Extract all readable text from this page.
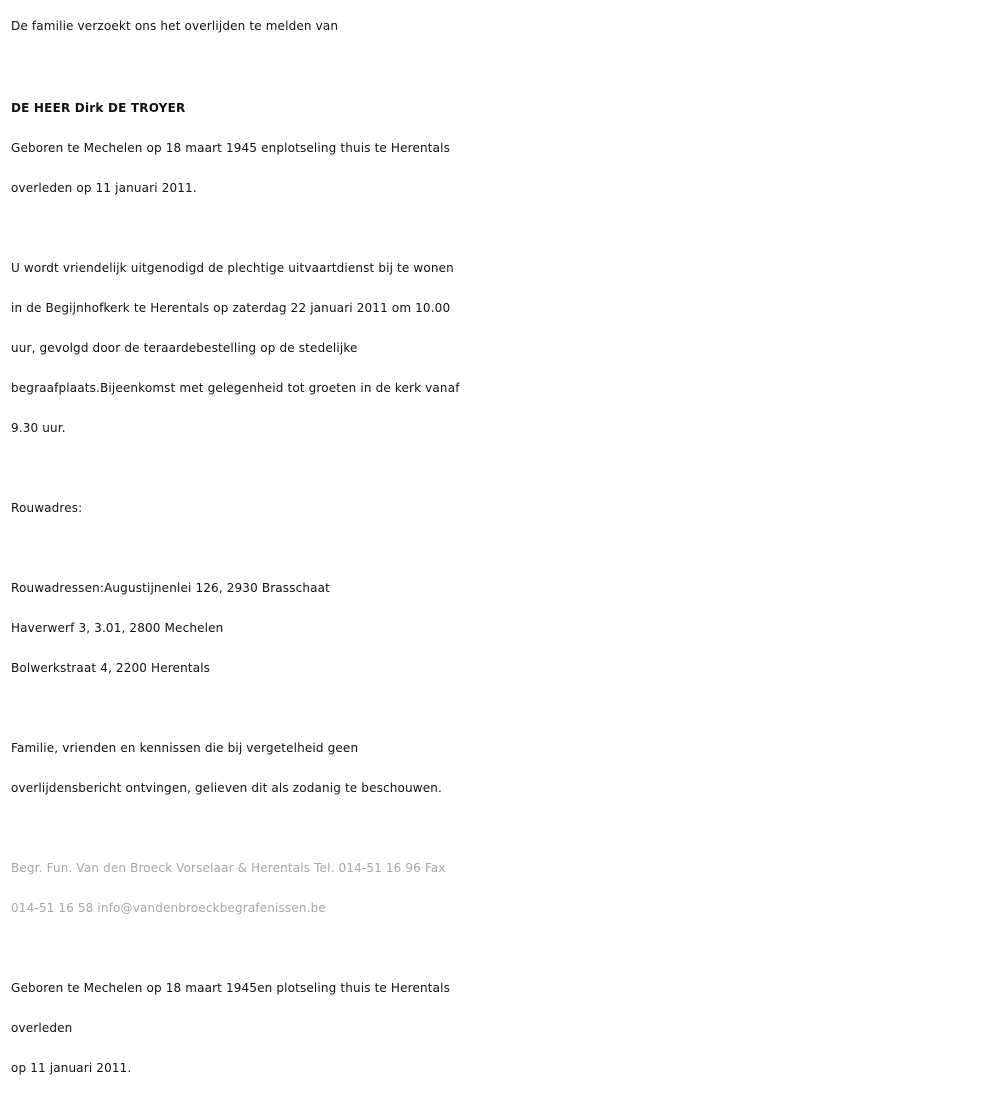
De familie verzoekt ons het overlijden te melden van
DE HEER Dirk DE TROYER
Geboren te Mechelen op 18 maart 1945 enplotseling thuis te Herentals
overleden op 11 januari 2011.
U wordt vriendelijk uitgenodigd de plechtige uitvaartdienst bij te wonen
in de Begijnhofkerk te Herentals op zaterdag 22 januari 2011 om 10.00
uur, gevolgd door de teraardebestelling op de stedelijke
begraafplaats.Bijeenkomst met gelegenheid tot groeten in de kerk vanaf
9.30 uur.
Rouwadres:
Rouwadressen:Augustijnenlei 126, 2930 Brasschaat
Haverwerf 3, 3.01, 2800 Mechelen
Bolwerkstraat 4, 2200 Herentals
Familie, vrienden en kennissen die bij vergetelheid geen
overlijdensbericht ontvingen, gelieven dit als zodanig te beschouwen.
Begr. Fun. Van den Broeck Vorselaar & Herentals Tel. 014-51 16 96 Fax
014-51 16 58 info@vandenbroeckbegrafenissen.be
Geboren te Mechelen op 18 maart 1945en plotseling thuis te Herentals
overleden
op 11 januari 2011.
